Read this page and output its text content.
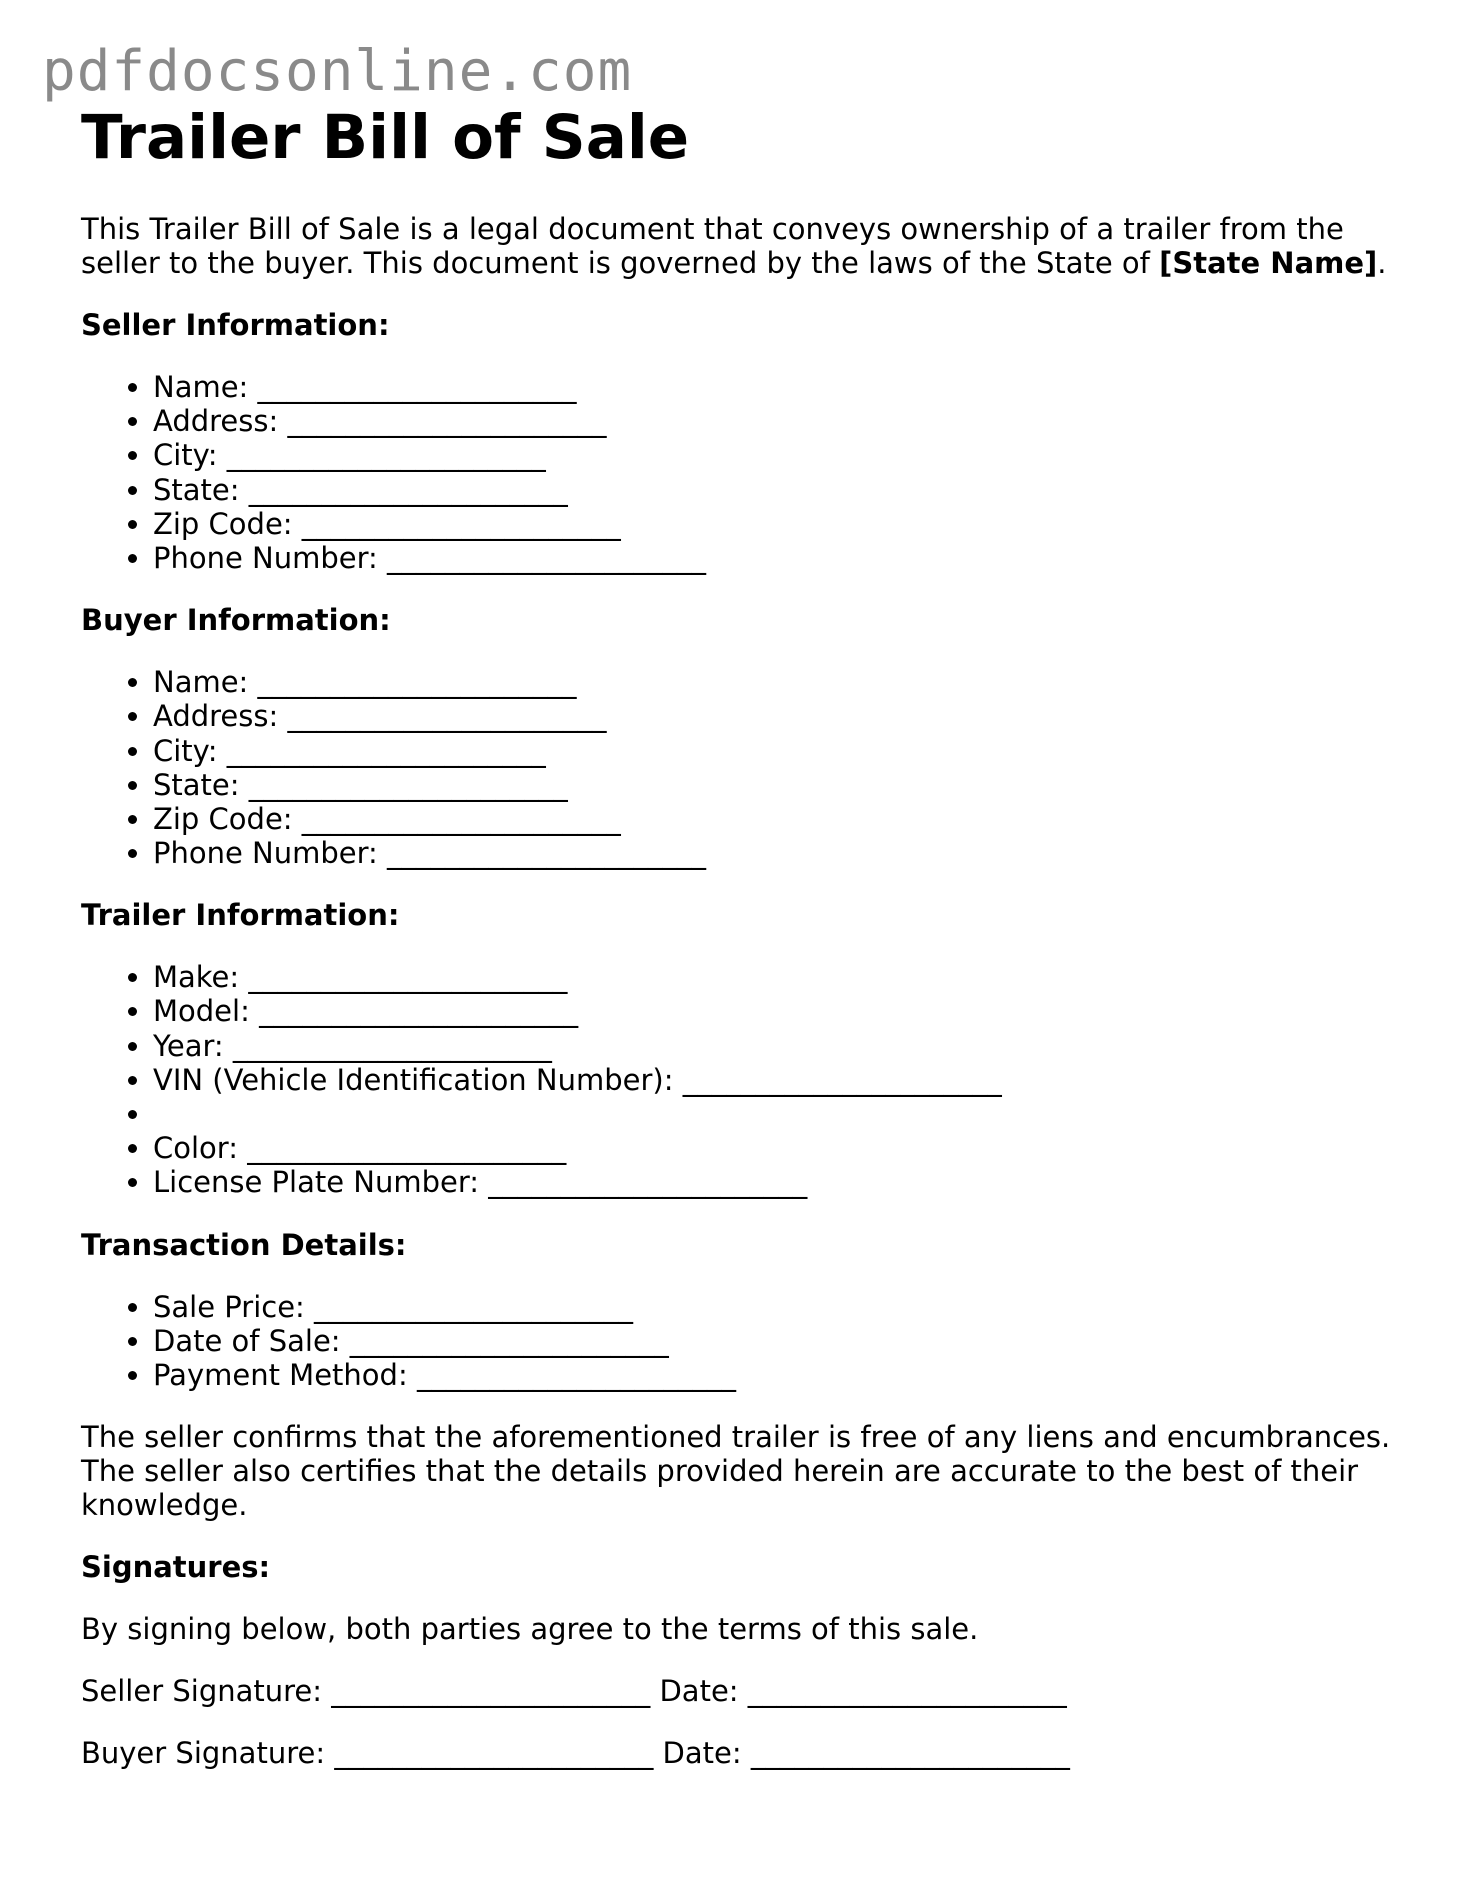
pdfdocsonline.com
Trailer Bill of Sale

This Trailer Bill of Sale is a legal document that conveys ownership of a trailer from the seller to the buyer. This document is governed by the laws of the State of [State Name].

Seller Information:
• Name: ______________________
• Address: ______________________
• City: ______________________
• State: ______________________
• Zip Code: ______________________
• Phone Number: ______________________
Buyer Information:
• Name: ______________________
• Address: ______________________
• City: ______________________
• State: ______________________
• Zip Code: ______________________
• Phone Number: ______________________
Trailer Information:
• Make: ______________________
• Model: ______________________
• Year: ______________________
• VIN (Vehicle Identification Number): ______________________
•
• Color: ______________________
• License Plate Number: ______________________
Transaction Details:
• Sale Price: ______________________
• Date of Sale: ______________________
• Payment Method: ______________________

The seller confirms that the aforementioned trailer is free of any liens and encumbrances. The seller also certifies that the details provided herein are accurate to the best of their knowledge.

Signatures:

By signing below, both parties agree to the terms of this sale.

Seller Signature: ______________________ Date: ______________________

Buyer Signature: ______________________ Date: ______________________
